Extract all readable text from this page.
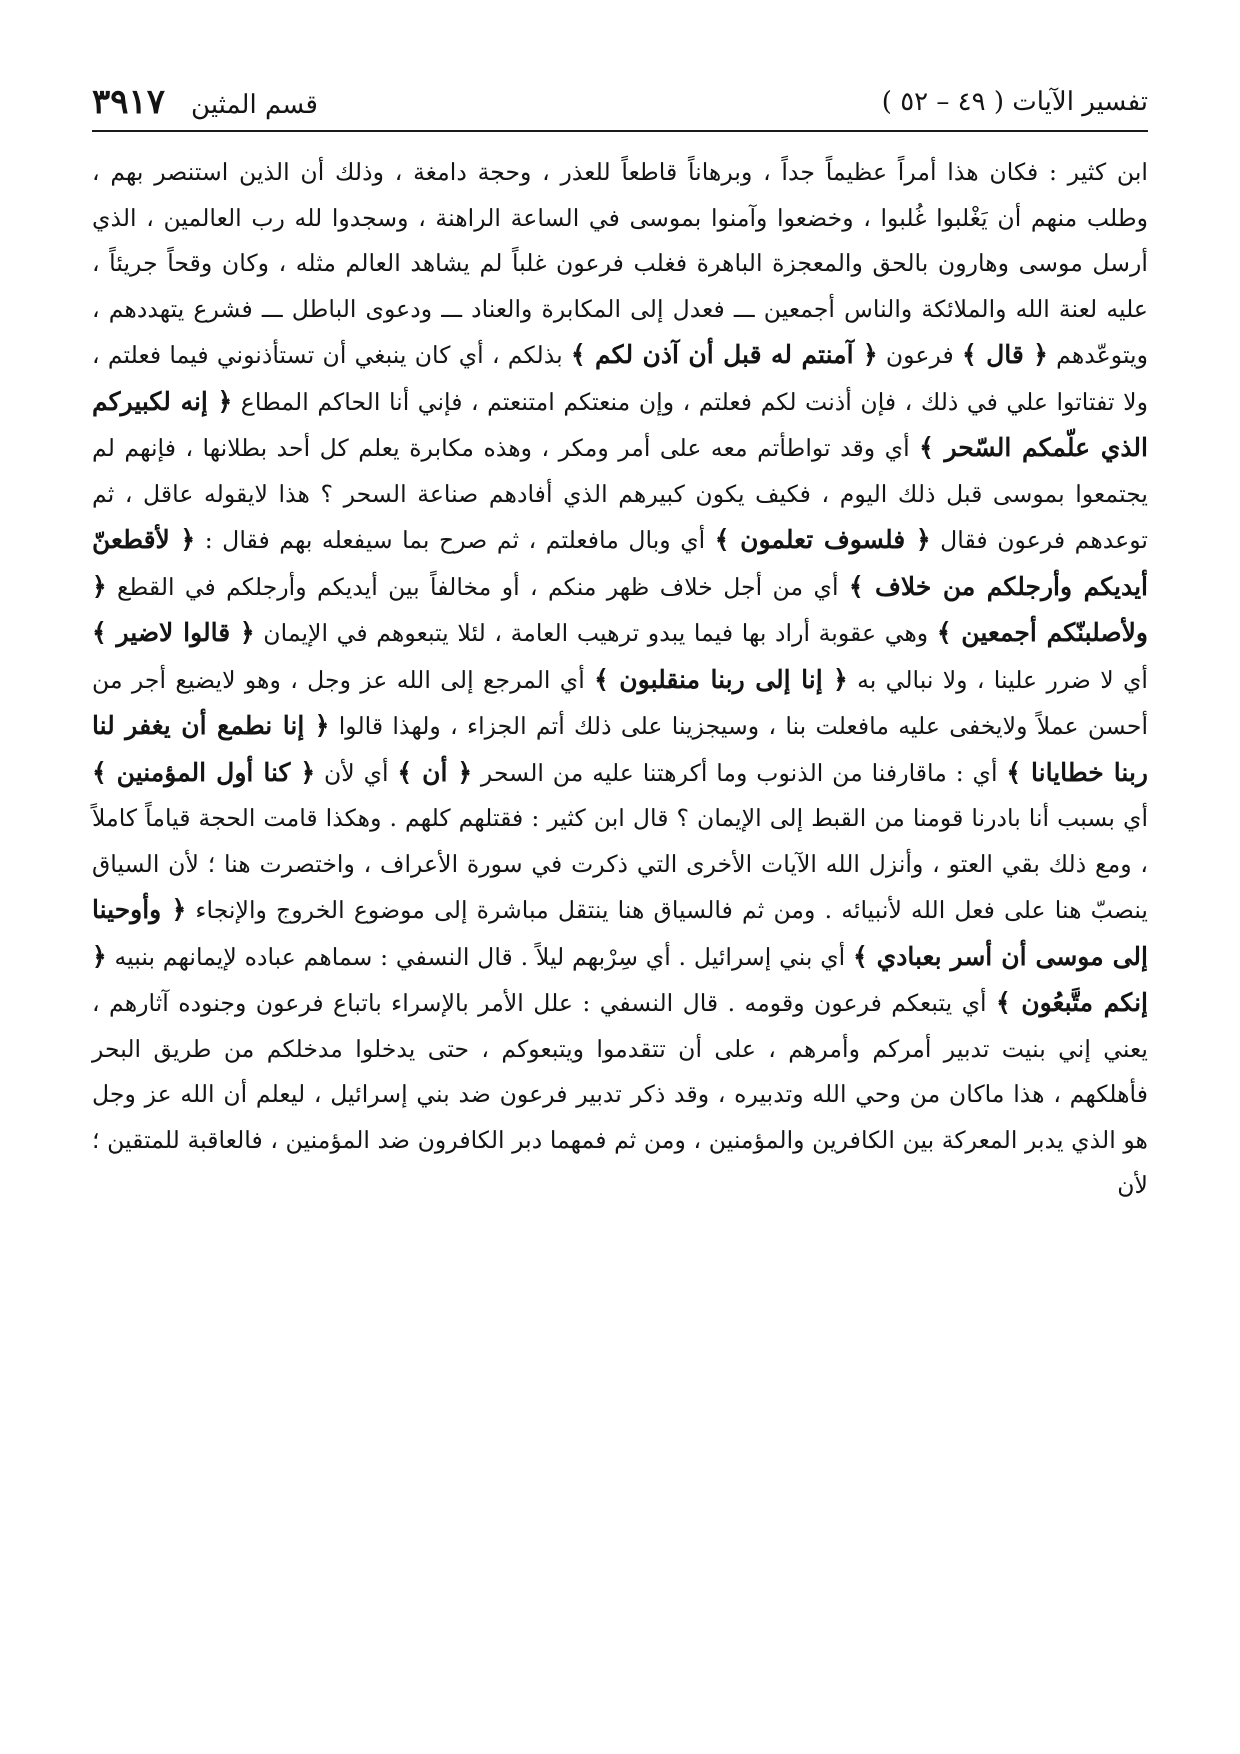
تفسير الآيات ( ٤٩ – ٥٢ )
قسم المثين
٣٩١٧

ابن كثير : فكان هذا أمراً عظيماً جداً ، وبرهاناً قاطعاً للعذر ، وحجة دامغة ، وذلك أن الذين استنصر بهم ، وطلب منهم أن يَغْلبوا غُلبوا ، وخضعوا وآمنوا بموسى في الساعة الراهنة ، وسجدوا لله رب العالمين ، الذي أرسل موسى وهارون بالحق والمعجزة الباهرة فغلب فرعون غلباً لم يشاهد العالم مثله ، وكان وقحاً جريئاً ، عليه لعنة الله والملائكة والناس أجمعين ـــ فعدل إلى المكابرة والعناد ـــ ودعوى الباطل ـــ فشرع يتهددهم ، ويتوعّدهم ﴿ قال ﴾ فرعون ﴿ آمنتم له قبل أن آذن لكم ﴾ بذلكم ، أي كان ينبغي أن تستأذنوني فيما فعلتم ، ولا تفتاتوا علي في ذلك ، فإن أذنت لكم فعلتم ، وإن منعتكم امتنعتم ، فإني أنا الحاكم المطاع ﴿ إنه لكبيركم الذي علّمكم السّحر ﴾ أي وقد تواطأتم معه على أمر ومكر ، وهذه مكابرة يعلم كل أحد بطلانها ، فإنهم لم يجتمعوا بموسى قبل ذلك اليوم ، فكيف يكون كبيرهم الذي أفادهم صناعة السحر ؟ هذا لايقوله عاقل ، ثم توعدهم فرعون فقال ﴿ فلسوف تعلمون ﴾ أي وبال مافعلتم ، ثم صرح بما سيفعله بهم فقال : ﴿ لأقطعنّ أيديكم وأرجلكم من خلاف ﴾ أي من أجل خلاف ظهر منكم ، أو مخالفاً بين أيديكم وأرجلكم في القطع ﴿ ولأصلبنّكم أجمعين ﴾ وهي عقوبة أراد بها فيما يبدو ترهيب العامة ، لئلا يتبعوهم في الإيمان ﴿ قالوا لاضير ﴾ أي لا ضرر علينا ، ولا نبالي به ﴿ إنا إلى ربنا منقلبون ﴾ أي المرجع إلى الله عز وجل ، وهو لايضيع أجر من أحسن عملاً ولايخفى عليه مافعلت بنا ، وسيجزينا على ذلك أتم الجزاء ، ولهذا قالوا ﴿ إنا نطمع أن يغفر لنا ربنا خطايانا ﴾ أي : ماقارفنا من الذنوب وما أكرهتنا عليه من السحر ﴿ أن ﴾ أي لأن ﴿ كنا أول المؤمنين ﴾ أي بسبب أنا بادرنا قومنا من القبط إلى الإيمان ؟ قال ابن كثير : فقتلهم كلهم . وهكذا قامت الحجة قياماً كاملاً ، ومع ذلك بقي العتو ، وأنزل الله الآيات الأخرى التي ذكرت في سورة الأعراف ، واختصرت هنا ؛ لأن السياق ينصبّ هنا على فعل الله لأنبيائه . ومن ثم فالسياق هنا ينتقل مباشرة إلى موضوع الخروج والإنجاء ﴿ وأوحينا إلى موسى أن أسر بعبادي ﴾ أي بني إسرائيل . أي سِرْبهم ليلاً . قال النسفي : سماهم عباده لإيمانهم بنبيه ﴿ إنكم متَّبعُون ﴾ أي يتبعكم فرعون وقومه . قال النسفي : علل الأمر بالإسراء باتباع فرعون وجنوده آثارهم ، يعني إني بنيت تدبير أمركم وأمرهم ، على أن تتقدموا ويتبعوكم ، حتى يدخلوا مدخلكم من طريق البحر فأهلكهم ، هذا ماكان من وحي الله وتدبيره ، وقد ذكر تدبير فرعون ضد بني إسرائيل ، ليعلم أن الله عز وجل هو الذي يدبر المعركة بين الكافرين والمؤمنين ، ومن ثم فمهما دبر الكافرون ضد المؤمنين ، فالعاقبة للمتقين ؛ لأن
